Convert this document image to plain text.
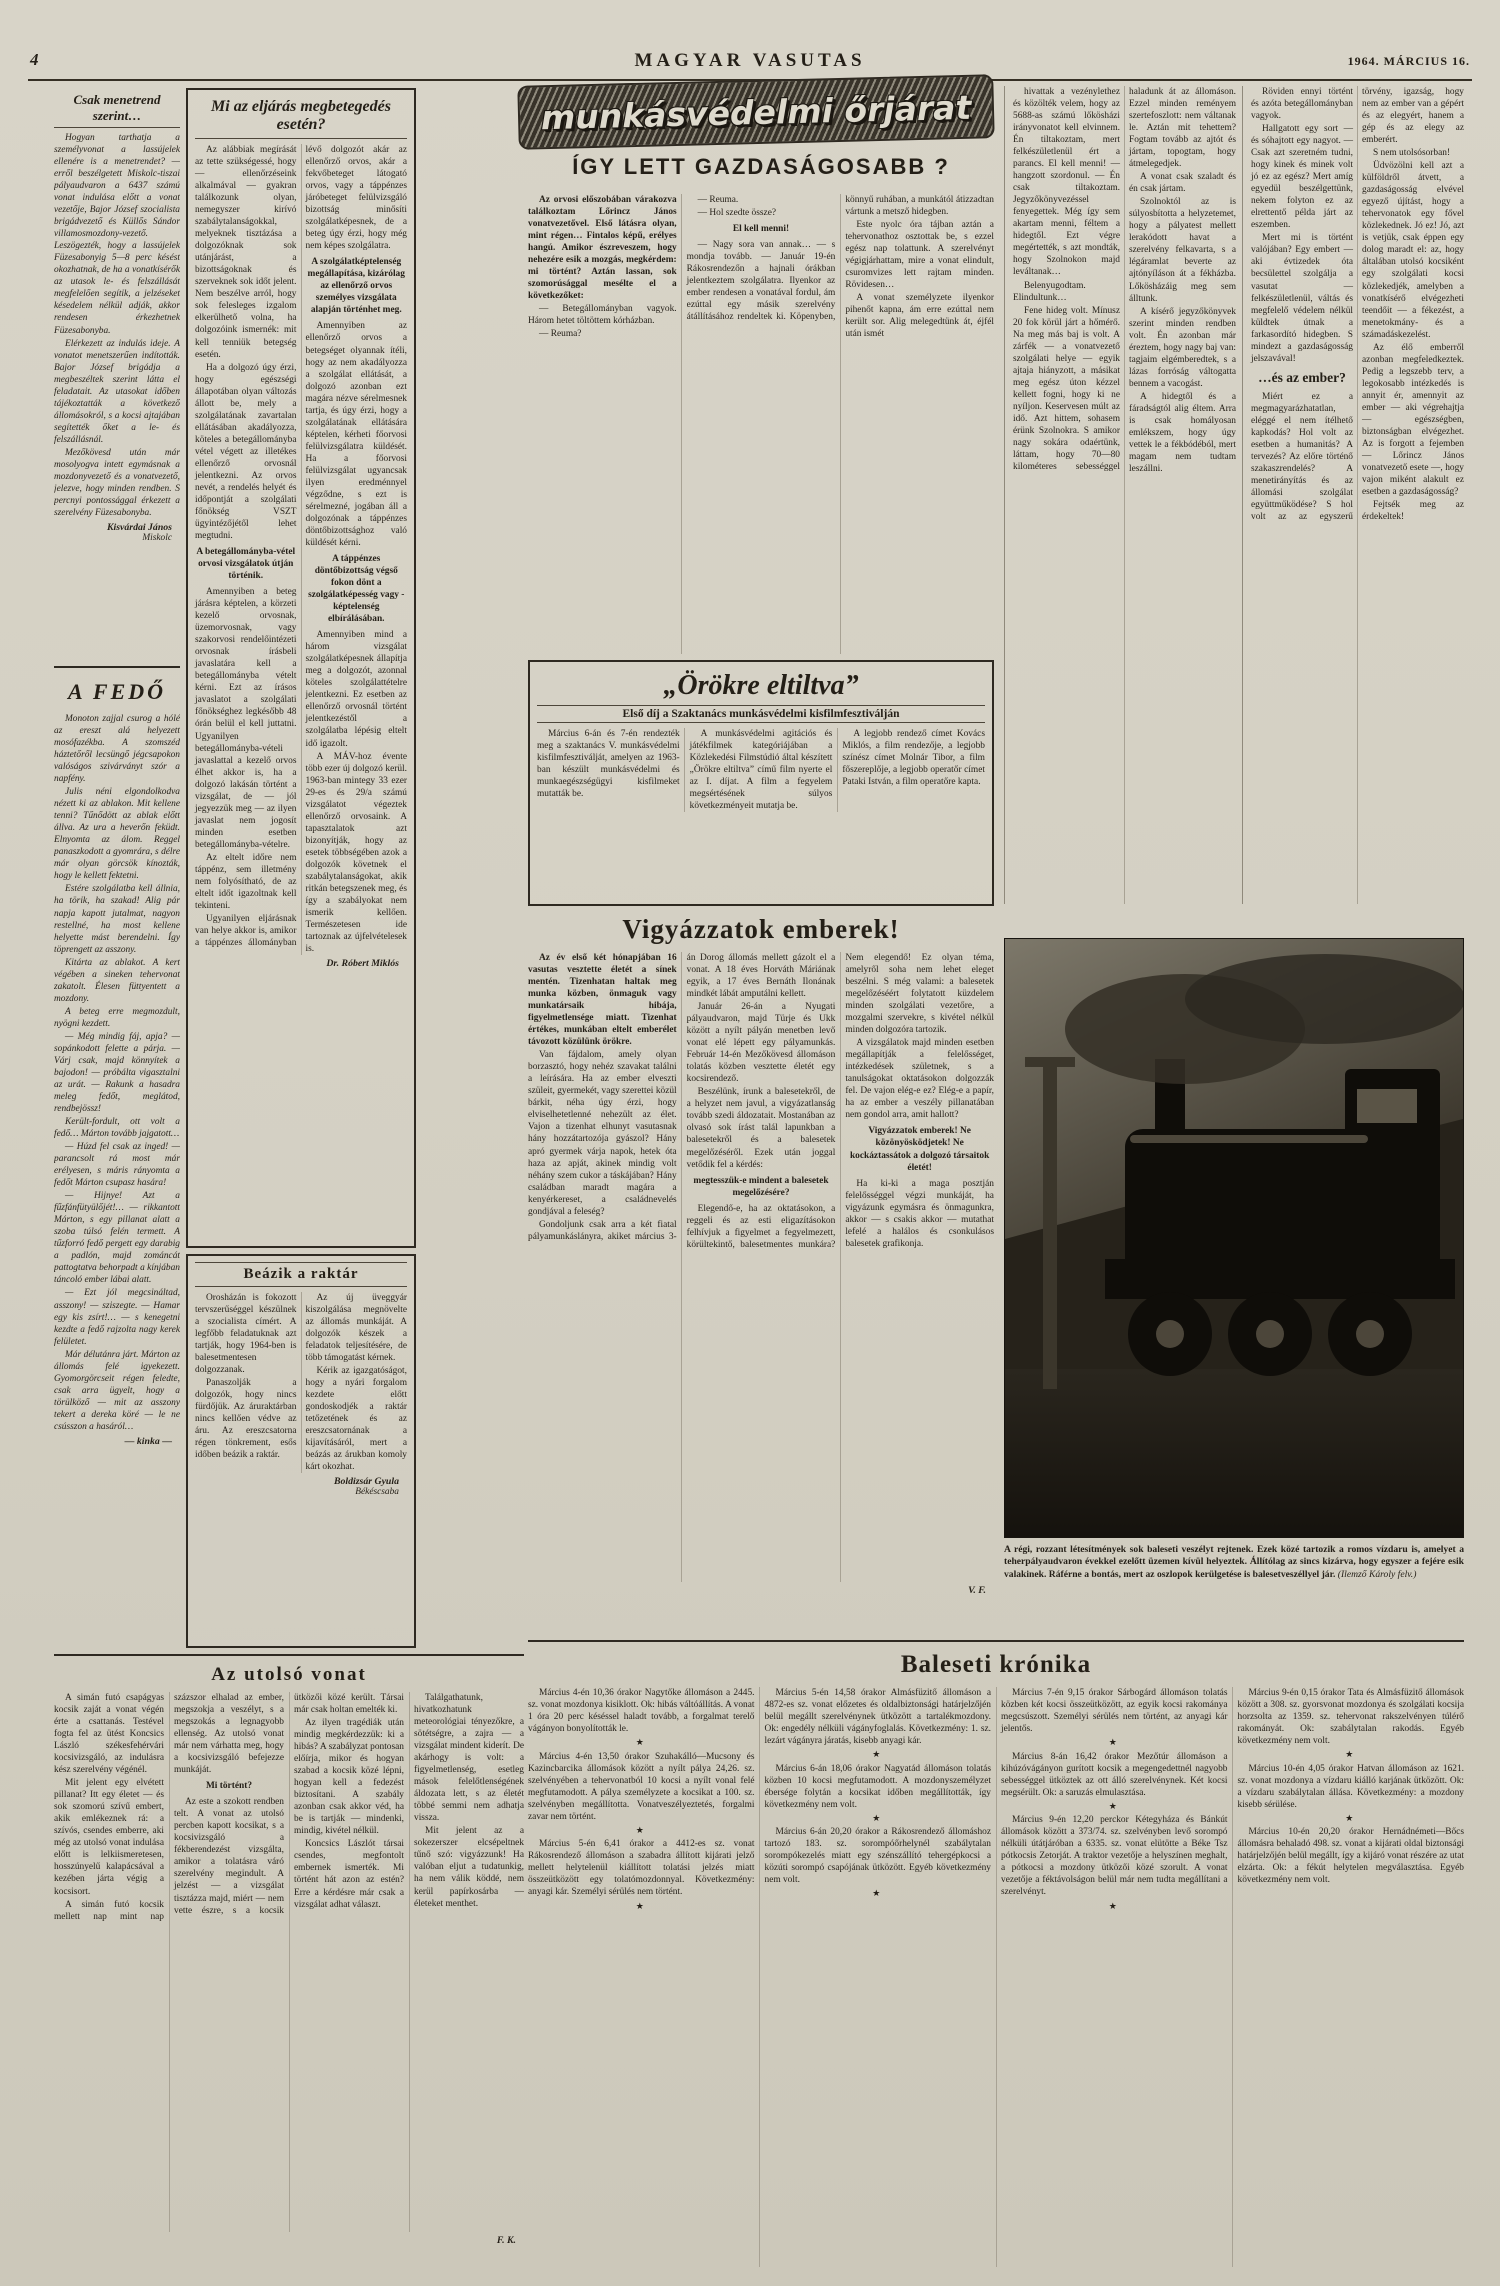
4	MAGYAR VASUTAS	1964. MÁRCIUS 16.
Csak menetrend szerint…

Hogyan tarthatja a személyvonat a lassújelek ellenére is a menetrendet? — erről beszélgetett Miskolc-tiszai pályaudvaron a 6437 számú vonat indulása előtt a vonat vezetője, Bajor József szocialista brigádvezető és Küllős Sándor villamosmozdony-vezető. Leszögezték, hogy a lassújelek Füzesabonyig 5—8 perc késést okozhatnak, de ha a vonatkísérők az utasok le- és felszállását megfelelően segítik, a jelzéseket késedelem nélkül adják, akkor rendesen érkezhetnek Füzesabonyba.

Elérkezett az indulás ideje. A vonatot menetszerűen indították. Bajor József brigádja a megbeszéltek szerint látta el feladatait. Az utasokat időben tájékoztatták a következő állomásokról, s a kocsi ajtajában segítették őket a le- és felszállásnál.

Mezőkövesd után már mosolyogva intett egymásnak a mozdonyvezető és a vonatvezető, jelezve, hogy minden rendben. S percnyi pontossággal érkezett a szerelvény Füzesabonyba.

Kisvárdai János
Miskolc
A FEDŐ

Monoton zajjal csurog a hólé az ereszt alá helyezett mosófazékba. A szomszéd háztetőről lecsüngő jégcsapokon valóságos szivárványt szór a napfény.

Julis néni elgondolkodva nézett ki az ablakon. Mit kellene tenni? Tűnődött az ablak előtt állva. Az ura a heverőn feküdt. Elnyomta az álom. Reggel panaszkodott a gyomrára, s délre már olyan görcsök kínozták, hogy le kellett fektetni.

Estére szolgálatba kell állnia, ha törik, ha szakad! Alig pár napja kapott jutalmat, nagyon restellné, ha most kellene helyette mást berendelni. Így töprengett az asszony.

Kitárta az ablakot. A kert végében a sineken tehervonat zakatolt. Élesen füttyentett a mozdony.

A beteg erre megmozdult, nyögni kezdett.

— Még mindig fáj, apja? — sopánkodott felette a párja. — Várj csak, majd könnyítek a bajodon! — próbálta vigasztalni az urát. — Rakunk a hasadra meleg fedőt, meglátod, rendbejössz!

Került-fordult, ott volt a fedő… Márton tovább jajgatott…

— Húzd fel csak az inged! — parancsolt rá most már erélyesen, s máris rányomta a fedőt Márton csupasz hasára!

— Hijnye! Azt a fűzfánfütyülőjét!… — rikkantott Márton, s egy pillanat alatt a szoba túlsó felén termett. A tűzforró fedő pergett egy darabig a padlón, majd zománcát pattogtatva behorpadt a kínjában táncoló ember lábai alatt.

— Ezt jól megcsináltad, asszony! — sziszegte. — Hamar egy kis zsírt!… — s kenegetni kezdte a fedő rajzolta nagy kerek felületet.

Már délutánra járt. Márton az állomás felé igyekezett. Gyomorgörcseit régen feledte, csak arra ügyelt, hogy a törülköző — mit az asszony tekert a dereka köré — le ne csússzon a hasáról…

— kinka —
Mi az eljárás megbetegedés esetén?

Az alábbiak megírását az tette szükségessé, hogy — ellenőrzéseink alkalmával — gyakran találkozunk olyan, nemegyszer kirívó szabálytalanságokkal, melyeknek tisztázása a dolgozóknak sok utánjárást, a bizottságoknak és szerveknek sok időt jelent. Nem beszélve arról, hogy sok felesleges izgalom elkerülhető volna, ha dolgozóink ismernék: mit kell tenniük betegség esetén.

Ha a dolgozó úgy érzi, hogy egészségi állapotában olyan változás állott be, mely a szolgálatának zavartalan ellátásában akadályozza, köteles a betegállományba vétel végett az illetékes ellenőrző orvosnál jelentkezni. Az orvos nevét, a rendelés helyét és időpontját a szolgálati főnökség VSZT ügyintézőjétől lehet megtudni.

A betegállományba-vétel orvosi vizsgálatok útján történik.

Amennyiben a beteg járásra képtelen, a körzeti kezelő orvosnak, üzemorvosnak, vagy szakorvosi rendelőintézeti orvosnak írásbeli javaslatára kell a betegállományba vételt kérni. Ezt az írásos javaslatot a szolgálati főnökséghez legkésőbb 48 órán belül el kell juttatni. Ugyanilyen betegállományba-vételi javaslattal a kezelő orvos élhet akkor is, ha a dolgozó lakásán történt a vizsgálat, de — jól jegyezzük meg — az ilyen javaslat nem jogosít minden esetben betegállományba-vételre.

Az eltelt időre nem táppénz, sem illetmény nem folyósítható, de az eltelt időt igazoltnak kell tekinteni.

Ugyanilyen eljárásnak van helye akkor is, amikor a táppénzes állományban lévő dolgozót akár az ellenőrző orvos, akár a fekvőbeteget látogató orvos, vagy a táppénzes járóbeteget felülvizsgáló bizottság minősíti szolgálatképesnek, de a beteg úgy érzi, hogy még nem képes szolgálatra.

A szolgálatképtelenség megállapítása, kizárólag az ellenőrző orvos személyes vizsgálata alapján történhet meg.

Amennyiben az ellenőrző orvos a betegséget olyannak ítéli, hogy az nem akadályozza a szolgálat ellátását, a dolgozó azonban ezt magára nézve sérelmesnek tartja, és úgy érzi, hogy a szolgálatának ellátására képtelen, kérheti főorvosi felülvizsgálatra küldését. Ha a főorvosi felülvizsgálat ugyancsak ilyen eredménnyel végződne, s ezt is sérelmezné, jogában áll a dolgozónak a táppénzes döntőbizottsághoz való küldését kérni.

A táppénzes döntőbizottság végső fokon dönt a szolgálatképesség vagy -képtelenség elbírálásában.

Amennyiben mind a három vizsgálat szolgálatképesnek állapítja meg a dolgozót, azonnal köteles szolgálattételre jelentkezni. Ez esetben az ellenőrző orvosnál történt jelentkezéstől a szolgálatba lépésig eltelt idő igazolt.

A MÁV-hoz évente több ezer új dolgozó kerül. 1963-ban mintegy 33 ezer 29-es és 29/a számú vizsgálatot végeztek ellenőrző orvosaink. A tapasztalatok azt bizonyítják, hogy az esetek többségében azok a dolgozók követnek el szabálytalanságokat, akik ritkán betegszenek meg, és így a szabályokat nem ismerik kellően. Természetesen ide tartoznak az újfelvételesek is.

Dr. Róbert Miklós
Beázik a raktár

Orosházán is fokozott tervszerűséggel készülnek a szocialista címért. A legfőbb feladatuknak azt tartják, hogy 1964-ben is balesetmentesen dolgozzanak.

Panaszolják a dolgozók, hogy nincs fürdőjük. Az áruraktárban nincs kellően védve az áru. Az ereszcsatorna régen tönkrement, esős időben beázik a raktár.

Az új üveggyár kiszolgálása megnövelte az állomás munkáját. A dolgozók készek a feladatok teljesítésére, de több támogatást kérnek.

Kérik az igazgatóságot, hogy a nyári forgalom kezdete előtt gondoskodjék a raktár tetőzetének és az ereszcsatornának a kijavításáról, mert a beázás az árukban komoly kárt okozhat.

Boldizsár Gyula
Békéscsaba
Az utolsó vonat

A simán futó csapágyas kocsik zaját a vonat végén érte a csattanás. Testével fogta fel az ütést Koncsics László székesfehérvári kocsivizsgáló, az indulásra kész szerelvény végénél.

Mit jelent egy elvétett pillanat? Itt egy életet — és sok szomorú szívű embert, akik emlékeznek rá: a szívós, csendes emberre, aki még az utolsó vonat indulása előtt is lelkiismeretesen, hosszúnyelű kalapácsával a kezében járta végig a kocsisort.

A simán futó kocsik mellett nap mint nap százszor elhalad az ember, megszokja a veszélyt, s a megszokás a legnagyobb ellenség. Az utolsó vonat már nem várhatta meg, hogy a kocsivizsgáló befejezze munkáját.

Mi történt?

Az este a szokott rendben telt. A vonat az utolsó percben kapott kocsikat, s a kocsivizsgáló a fékberendezést vizsgálta, amikor a tolatásra váró szerelvény megindult. A jelzést — a vizsgálat tisztázza majd, miért — nem vette észre, s a kocsik ütközői közé került. Társai már csak holtan emelték ki.

Az ilyen tragédiák után mindig megkérdezzük: ki a hibás? A szabályzat pontosan előírja, mikor és hogyan szabad a kocsik közé lépni, hogyan kell a fedezést biztosítani. A szabály azonban csak akkor véd, ha be is tartják — mindenki, mindig, kivétel nélkül.

Koncsics Lászlót társai csendes, megfontolt embernek ismerték. Mi történt hát azon az estén? Erre a kérdésre már csak a vizsgálat adhat választ.

Találgathatunk, hivatkozhatunk meteorológiai tényezőkre, a sötétségre, a zajra — a vizsgálat mindent kiderít. De akárhogy is volt: a figyelmetlenség, esetleg mások felelőtlenségének áldozata lett, s az életét többé semmi nem adhatja vissza.

Mit jelent az a sokezerszer elcsépeltnek tűnő szó: vigyázzunk! Ha valóban eljut a tudatunkig, ha nem válik köddé, nem kerül papírkosárba — életeket menthet.

F. K.
munkásvédelmi őrjárat
ÍGY LETT GAZDASÁGOSABB ?

Az orvosi előszobában várakozva találkoztam Lőrincz János vonatvezetővel. Első látásra olyan, mint régen… Fintalos képű, erélyes hangú. Amikor észreveszem, hogy nehezére esik a mozgás, megkérdem: mi történt? Aztán lassan, sok szomorúsággal mesélte el a következőket:

— Betegállományban vagyok. Három hetet töltöttem kórházban.

— Reuma?

— Reuma.

— Hol szedte össze?

El kell menni!

— Nagy sora van annak… — s mondja tovább. — Január 19-én Rákosrendezőn a hajnali órákban jelentkeztem szolgálatra. Ilyenkor az ember rendesen a vonatával fordul, ám ezúttal egy másik szerelvény átállításához rendeltek ki. Köpenyben, könnyű ruhában, a munkától átizzadtan vártunk a metsző hidegben.

Este nyolc óra tájban aztán a tehervonathoz osztottak be, s ezzel egész nap tolattunk. A szerelvényt végigjárhattam, mire a vonat elindult, csuromvizes lett rajtam minden. Rövidesen…

A vonat személyzete ilyenkor pihenőt kapna, ám erre ezúttal nem került sor. Alig melegedtünk át, éjfél után ismét

hivattak a vezénylethez és közölték velem, hogy az 5688-as számú lőkösházi irányvonatot kell elvinnem. Én tiltakoztam, mert felkészületlenül ért a parancs. El kell menni! — hangzott szordonul. — Én csak tiltakoztam. Jegyzőkönyvezéssel fenyegettek. Még így sem akartam menni, féltem a hidegtől. Ezt végre megértették, s azt mondták, hogy Szolnokon majd leváltanak…

Belenyugodtam. Elindultunk…

Fene hideg volt. Mínusz 20 fok körül járt a hőmérő. Na meg más baj is volt. A zárfék — a vonatvezető szolgálati helye — egyik ajtaja hiányzott, a másikat meg egész úton kézzel kellett fogni, hogy ki ne nyíljon. Keservesen múlt az idő. Azt hittem, sohasem érünk Szolnokra. S amikor nagy sokára odaértünk, láttam, hogy 70—80 kilométeres sebességgel haladunk át az állomáson. Ezzel minden reményem szertefoszlott: nem váltanak le. Aztán mit tehettem? Fogtam tovább az ajtót és jártam, topogtam, hogy átmelegedjek.

A vonat csak szaladt és én csak jártam.

Szolnoktól az is súlyosbította a helyzetemet, hogy a pályatest mellett lerakódott havat a szerelvény felkavarta, s a légáramlat beverte az ajtónyíláson át a fékházba. Lőkösházáig meg sem álltunk.

A kísérő jegyzőkönyvek szerint minden rendben volt. Én azonban már éreztem, hogy nagy baj van: tagjaim elgémberedtek, s a lázas forróság váltogatta bennem a vacogást.

A hidegtől és a fáradságtól alig éltem. Arra is csak homályosan emlékszem, hogy úgy vettek le a fékbódéból, mert magam nem tudtam leszállni.

Röviden ennyi történt és azóta betegállományban vagyok.

Hallgatott egy sort — és sóhajtott egy nagyot. — Csak azt szeretném tudni, hogy kinek és minek volt jó ez az egész? Mert amíg egyedül beszélgettünk, nekem folyton ez az elrettentő példa járt az eszemben.

Mert mi is történt valójában? Egy embert — aki évtizedek óta becsülettel szolgálja a vasutat — felkészületlenül, váltás és megfelelő védelem nélkül küldtek útnak a farkasordító hidegben. S mindezt a gazdaságosság jelszavával!

…és az ember?

Miért ez a megmagyarázhatatlan, eléggé el nem ítélhető kapkodás? Hol volt az esetben a humanitás? A tervezés? Az előre történő szakaszrendelés? A menetirányítás és az állomási szolgálat együttműködése? S hol volt az az egyszerű törvény, igazság, hogy nem az ember van a gépért és az elegyért, hanem a gép és az elegy az emberért.

S nem utolsósorban!

Üdvözölni kell azt a külföldről átvett, a gazdaságosság elvével egyező újítást, hogy a tehervonatok egy fővel közlekednek. Jó ez! Jó, azt is vetjük, csak éppen egy dolog maradt el: az, hogy általában utolsó kocsiként egy szolgálati kocsi közlekedjék, amelyben a vonatkísérő elvégezheti teendőit — a fékezést, a menetokmány- és a számadáskezelést.

Az élő emberről azonban megfeledkeztek. Pedig a legszebb terv, a legokosabb intézkedés is annyit ér, amennyit az ember — aki végrehajtja — egészségben, biztonságban elvégezhet. Az is forgott a fejemben — Lőrincz János vonatvezető esete —, hogy vajon miként alakult ez esetben a gazdaságosság?

Fejtsék meg az érdekeltek!

„Örökre eltiltva”
Első díj a Szaktanács munkásvédelmi kisfilmfesztiválján

Március 6-án és 7-én rendezték meg a szaktanács V. munkásvédelmi kisfilmfesztiválját, amelyen az 1963-ban készült munkásvédelmi és munkaegészségügyi kisfilmeket mutatták be.

A munkásvédelmi agitációs és játékfilmek kategóriájában a Közlekedési Filmstúdió által készített „Örökre eltiltva” című film nyerte el az I. díjat. A film a fegyelem megsértésének súlyos következményeit mutatja be.

A legjobb rendező címet Kovács Miklós, a film rendezője, a legjobb színész címet Molnár Tibor, a film főszereplője, a legjobb operatőr címet Pataki István, a film operatőre kapta.

Vigyázzatok emberek!

Az év első két hónapjában 16 vasutas vesztette életét a sínek mentén. Tizenhatan haltak meg munka közben, önmaguk vagy munkatársaik hibája, figyelmetlensége miatt. Tizenhat értékes, munkában eltelt emberélet távozott közülünk örökre.

Van fájdalom, amely olyan borzasztó, hogy nehéz szavakat találni a leírására. Ha az ember elveszti szüleit, gyermekét, vagy szerettei közül bárkit, néha úgy érzi, hogy elviselhetetlenné nehezült az élet. Vajon a tizenhat elhunyt vasutasnak hány hozzátartozója gyászol? Hány apró gyermek várja napok, hetek óta haza az apját, akinek mindig volt néhány szem cukor a táskájában? Hány családban maradt magára a kenyérkereset, a családnevelés gondjával a feleség?

Gondoljunk csak arra a két fiatal pályamunkáslányra, akiket március 3-án Dorog állomás mellett gázolt el a vonat. A 18 éves Horváth Máriának egyik, a 17 éves Bernáth Ilonának mindkét lábát amputálni kellett.

Január 26-án a Nyugati pályaudvaron, majd Türje és Ukk között a nyílt pályán menetben levő vonat elé lépett egy pályamunkás. Február 14-én Mezőkövesd állomáson tolatás közben vesztette életét egy kocsirendező.

Beszélünk, írunk a balesetekről, de a helyzet nem javul, a vigyázatlanság tovább szedi áldozatait. Mostanában az olvasó sok írást talál lapunkban a balesetekről és a balesetek megelőzéséről. Ezek után joggal vetődik fel a kérdés:

megtesszük-e mindent a balesetek megelőzésére?

Elegendő-e, ha az oktatásokon, a reggeli és az esti eligazításokon felhívjuk a figyelmet a fegyelmezett, körültekintő, balesetmentes munkára? Nem elegendő! Ez olyan téma, amelyről soha nem lehet eleget beszélni. S még valami: a balesetek megelőzéséért folytatott küzdelem minden szolgálati vezetőre, a mozgalmi szervekre, s kivétel nélkül minden dolgozóra tartozik.

A vizsgálatok majd minden esetben megállapítják a felelősséget, intézkedések születnek, s a tanulságokat oktatásokon dolgozzák fel. De vajon elég-e ez? Elég-e a papír, ha az ember a veszély pillanatában nem gondol arra, amit hallott?

Vigyázzatok emberek! Ne közönyösködjetek! Ne kockáztassátok a dolgozó társaitok életét!

Ha ki-ki a maga posztján felelősséggel végzi munkáját, ha vigyázunk egymásra és önmagunkra, akkor — s csakis akkor — mutathat lefelé a halálos és csonkulásos balesetek grafikonja.

V. F.
A régi, rozzant létesítmények sok baleseti veszélyt rejtenek. Ezek közé tartozik a romos vízdaru is, amelyet a teherpályaudvaron évekkel ezelőtt üzemen kívül helyeztek. Állítólag az sincs kizárva, hogy egyszer a fejére esik valakinek. Ráférne a bontás, mert az oszlopok kerülgetése is balesetveszéllyel jár. (Ilemző Károly felv.)
Baleseti krónika

Március 4-én 10,36 órakor Nagytőke állomáson a 2445. sz. vonat mozdonya kisiklott. Ok: hibás váltóállítás. A vonat 1 óra 20 perc késéssel haladt tovább, a forgalmat terelő vágányon bonyolították le.

★

Március 4-én 13,50 órakor Szuhakálló—Mucsony és Kazincbarcika állomások között a nyílt pálya 24,26. sz. szelvényében a tehervonatból 10 kocsi a nyílt vonal felé megfutamodott. A pálya személyzete a kocsikat a 100. sz. szelvényben megállította. Vonatveszélyeztetés, forgalmi zavar nem történt.

★

Március 5-én 6,41 órakor a 4412-es sz. vonat Rákosrendező állomáson a szabadra állított kijárati jelző mellett helytelenül kiállított tolatási jelzés miatt összeütközött egy tolatómozdonnyal. Következmény: anyagi kár. Személyi sérülés nem történt.

★

Március 5-én 14,58 órakor Almásfüzitő állomáson a 4872-es sz. vonat előzetes és oldalbiztonsági határjelzőjén belül megállt szerelvénynek ütközött a tartalékmozdony. Ok: engedély nélküli vágányfoglalás. Következmény: 1. sz. lezárt vágányra járatás, kisebb anyagi kár.

★

Március 6-án 18,06 órakor Nagyatád állomáson tolatás közben 10 kocsi megfutamodott. A mozdonyszemélyzet ébersége folytán a kocsikat időben megállították, így következmény nem volt.

★

Március 6-án 20,20 órakor a Rákosrendező állomáshoz tartozó 183. sz. sorompóőrhelynél szabálytalan sorompókezelés miatt egy szénszállító tehergépkocsi a közúti sorompó csapójának ütközött. Egyéb következmény nem volt.

★

Március 7-én 9,15 órakor Sárbogárd állomáson tolatás közben két kocsi összeütközött, az egyik kocsi rakománya megcsúszott. Személyi sérülés nem történt, az anyagi kár jelentős.

★

Március 8-án 16,42 órakor Mezőtúr állomáson a kihúzóvágányon gurított kocsik a megengedettnél nagyobb sebességgel ütköztek az ott álló szerelvénynek. Két kocsi megsérült. Ok: a saruzás elmulasztása.

★

Március 9-én 12,20 perckor Kétegyháza és Bánkút állomások között a 373/74. sz. szelvényben levő sorompó nélküli útátjáróban a 6335. sz. vonat elütötte a Béke Tsz pótkocsis Zetorját. A traktor vezetője a helyszínen meghalt, a pótkocsi a mozdony ütközői közé szorult. A vonat vezetője a féktávolságon belül már nem tudta megállítani a szerelvényt.

★

Március 9-én 0,15 órakor Tata és Almásfüzitő állomások között a 308. sz. gyorsvonat mozdonya és szolgálati kocsija horzsolta az 1359. sz. tehervonat rakszelvényen túlérő rakományát. Ok: szabálytalan rakodás. Egyéb következmény nem volt.

★

Március 10-én 4,05 órakor Hatvan állomáson az 1621. sz. vonat mozdonya a vízdaru kiálló karjának ütközött. Ok: a vízdaru szabálytalan állása. Következmény: a mozdony kisebb sérülése.

★

Március 10-én 20,20 órakor Hernádnémeti—Bőcs állomásra behaladó 498. sz. vonat a kijárati oldal biztonsági határjelzőjén belül megállt, így a kijáró vonat részére az utat elzárta. Ok: a fékút helytelen megválasztása. Egyéb következmény nem volt.
